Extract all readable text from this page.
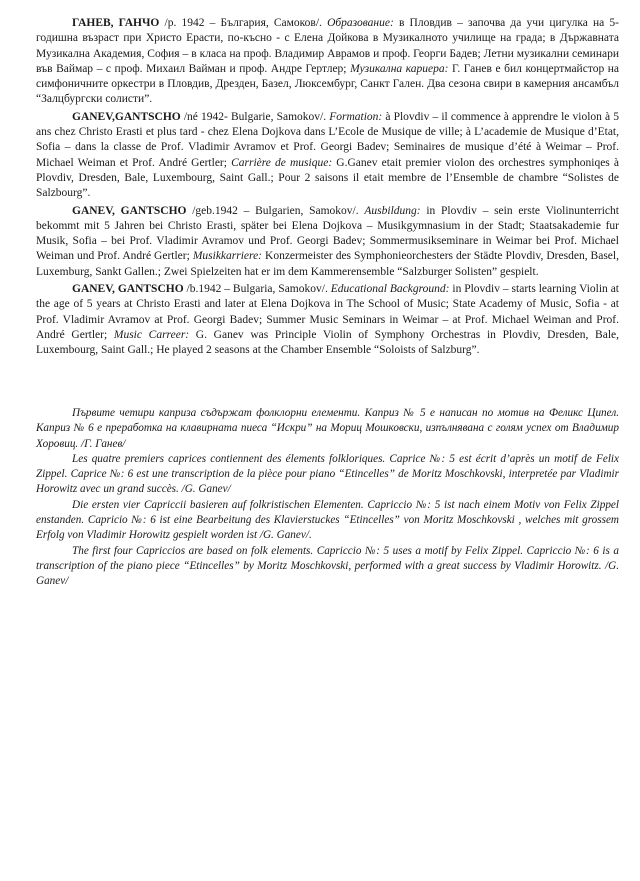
ГАНЕВ, ГАНЧО /р. 1942 – България, Самоков/. Образование: в Пловдив – започва да учи цигулка на 5-годишна възраст при Христо Ерасти, по-късно - с Елена Дойкова в Музикалното училище на града; в Държавната Музикална Академия, София – в класа на проф. Владимир Аврамов и проф. Георги Бадев; Летни музикални семинари във Ваймар – с проф. Михаил Вайман и проф. Андре Гертлер; Музикална кариера: Г. Ганев е бил концертмайстор на симфоничните оркестри в Пловдив, Дрезден, Базел, Люксембург, Санкт Гален. Два сезона свири в камерния ансамбъл “Залцбургски солисти”.

GANEV,GANTSCHO /né 1942- Bulgarie, Samokov/. Formation: à Plovdiv – il commence à apprendre le violon à 5 ans chez Christo Erasti et plus tard - chez Elena Dojkova dans L’Ecole de Musique de ville; à L’academie de Musique d’Etat, Sofia – dans la classe de Prof. Vladimir Avramov et Prof. Georgi Badev; Seminaires de musique d’été à Weimar – Prof. Michael Weiman et Prof. André Gertler; Carrière de musique: G.Ganev etait premier violon des orchestres symphoniqes à Plovdiv, Dresden, Bale, Luxembourg, Saint Gall.; Pour 2 saisons il etait membre de l’Ensemble de chambre “Solistes de Salzbourg”.

GANEV, GANTSCHO /geb.1942 – Bulgarien, Samokov/. Ausbildung: in Plovdiv – sein erste Violinunterricht bekommt mit 5 Jahren bei Christo Erasti, später bei Elena Dojkova – Musikgymnasium in der Stadt; Staatsakademie fur Musik, Sofia – bei Prof. Vladimir Avramov und Prof. Georgi Badev; Sommermusikseminare in Weimar bei Prof. Michael Weiman und Prof. André Gertler; Musikkarriere: Konzermeister des Symphonieorchesters der Städte Plovdiv, Dresden, Basel, Luxemburg, Sankt Gallen.; Zwei Spielzeiten hat er im dem Kammerensemble “Salzburger Solisten” gespielt.

GANEV, GANTSCHO /b.1942 – Bulgaria, Samokov/. Educational Background: in Plovdiv – starts learning Violin at the age of 5 years at Christo Erasti and later at Elena Dojkova in The School of Music; State Academy of Music, Sofia - at Prof. Vladimir Avramov at Prof. Georgi Badev; Summer Music Seminars in Weimar – at Prof. Michael Weiman and Prof. André Gertler; Music Carreer: G. Ganev was Principle Violin of Symphony Orchestras in Plovdiv, Dresden, Bale, Luxembourg, Saint Gall.; He played 2 seasons at the Chamber Ensemble “Soloists of Salzburg”.

Първите четири каприза съдържат фолклорни елементи. Каприз № 5 е написан по мотив на Феликс Ципел. Каприз № 6 е преработка на клавирната пиеса “Искри” на Мориц Мошковски, изпълнявана с голям успех от Владимир Хоровиц. /Г. Ганев/

Les quatre premiers caprices contiennent des élements folkloriques. Caprice №: 5 est écrit d’après un motif de Felix Zippel. Caprice №: 6 est une transcription de la pièce pour piano “Etincelles” de Moritz Moschkovski, interpretée par Vladimir Horowitz avec un grand succès. /G. Ganev/

Die ersten vier Capriccii basieren auf folkristischen Elementen. Capriccio №: 5 ist nach einem Motiv von Felix Zippel enstanden. Capricio №: 6 ist eine Bearbeitung des Klavierstuckes “Etincelles” von Moritz Moschkovski , welches mit grossem Erfolg von Vladimir Horowitz gespielt worden ist /G. Ganev/.

The first four Capriccios are based on folk elements. Capriccio №: 5 uses a motif by Felix Zippel. Capriccio №: 6 is a transcription of the piano piece “Etincelles” by Moritz Moschkovski, performed with a great success by Vladimir Horowitz. /G. Ganev/
